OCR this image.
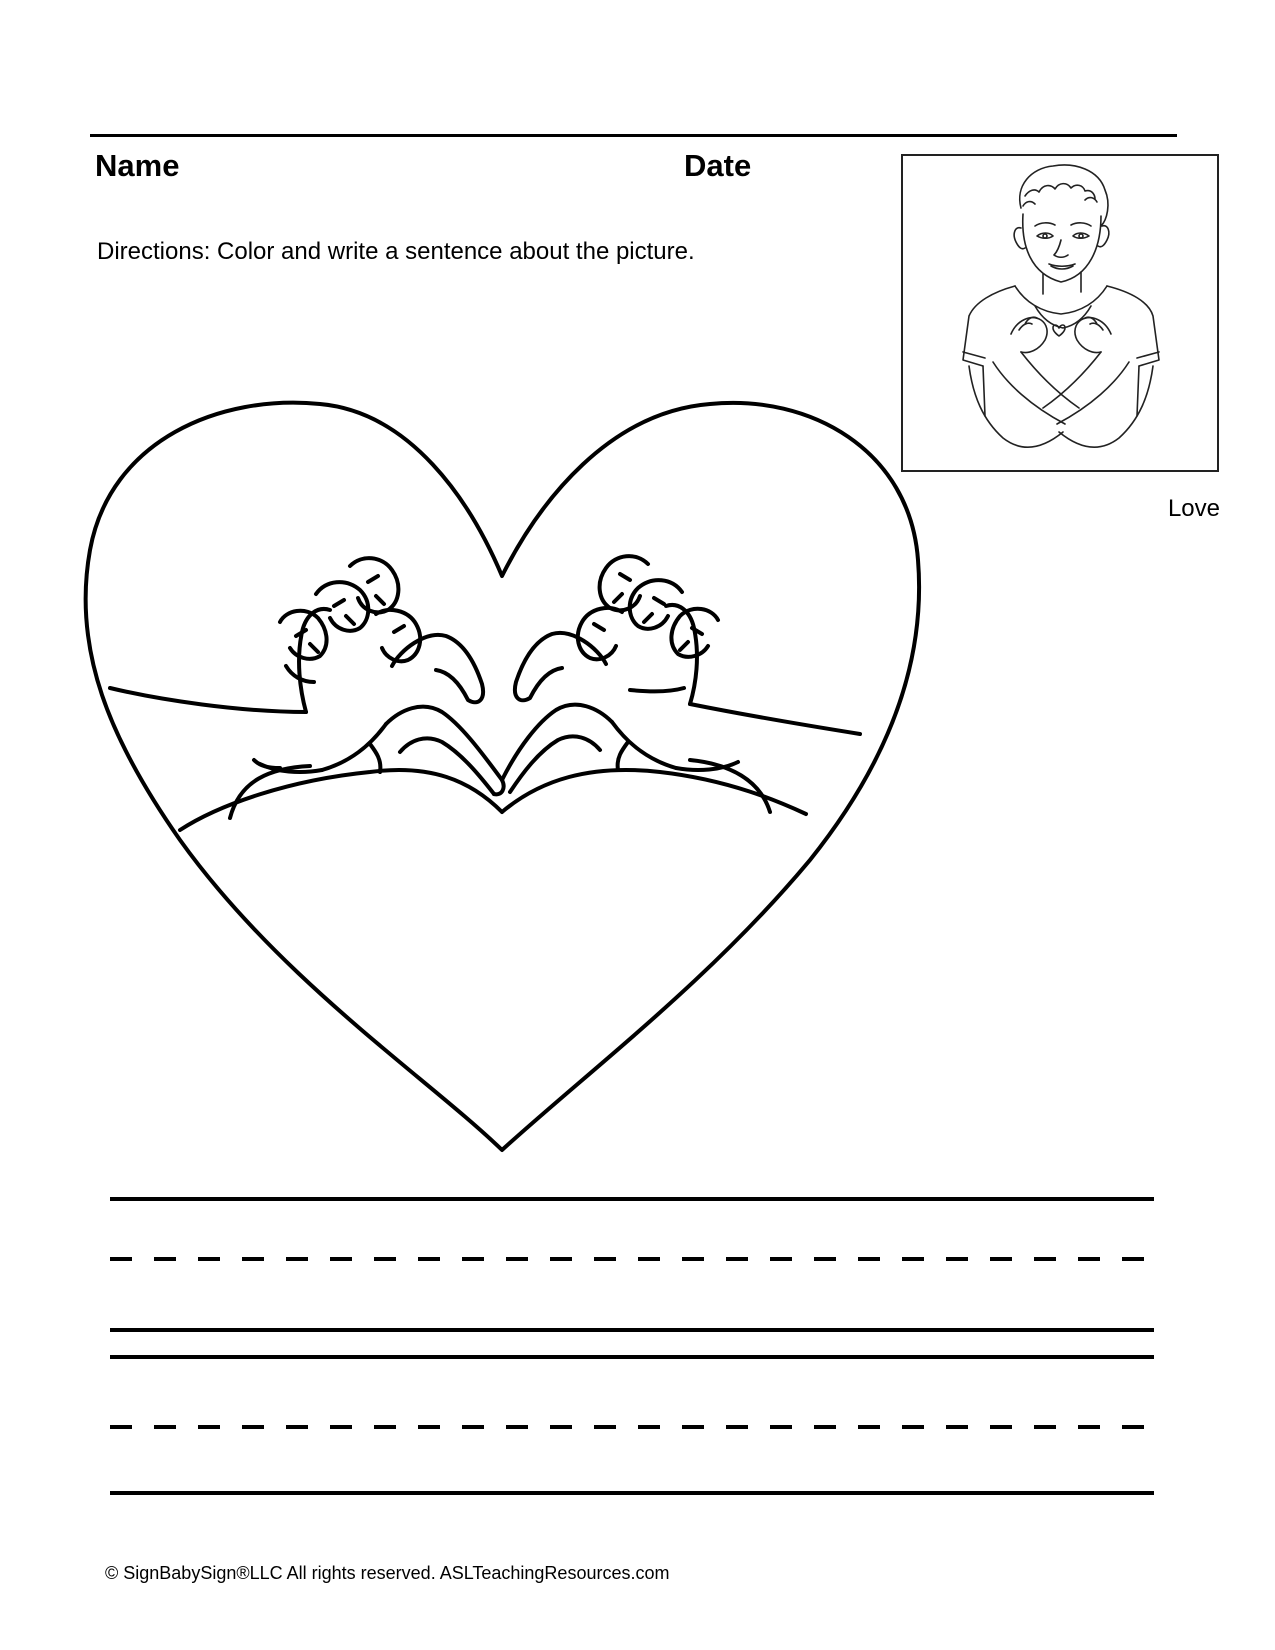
Name	Date
Directions: Color and write a sentence about the picture.
Love
© SignBabySign®LLC All rights reserved. ASLTeachingResources.com
